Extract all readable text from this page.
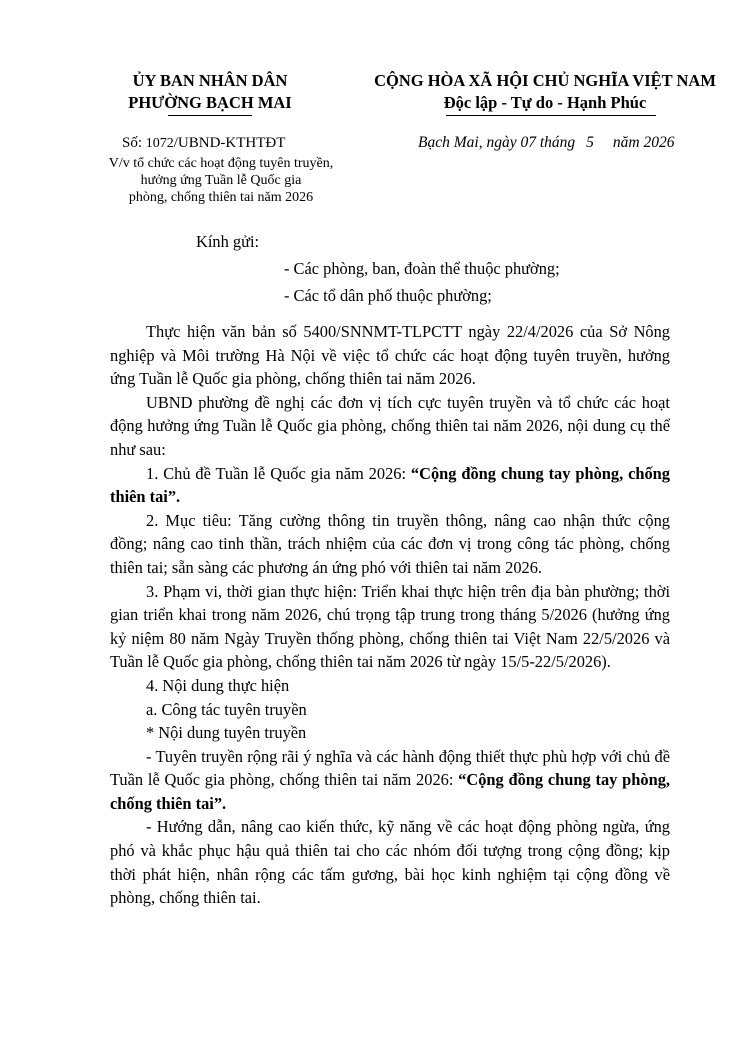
ỦY BAN NHÂN DÂN
PHƯỜNG BẠCH MAI
CỘNG HÒA XÃ HỘI CHỦ NGHĨA VIỆT NAM
Độc lập - Tự do - Hạnh Phúc
Số: 1072/UBND-KTHTĐT	Bạch Mai, ngày 07 tháng 5 năm 2026
V/v tổ chức các hoạt động tuyên truyền,
hưởng ứng Tuần lễ Quốc gia
phòng, chống thiên tai năm 2026
Kính gửi:
- Các phòng, ban, đoàn thể thuộc phường;
- Các tổ dân phố thuộc phường;

Thực hiện văn bản số 5400/SNNMT-TLPCTT ngày 22/4/2026 của Sở Nông nghiệp và Môi trường Hà Nội về việc tổ chức các hoạt động tuyên truyền, hưởng ứng Tuần lễ Quốc gia phòng, chống thiên tai năm 2026.

UBND phường đề nghị các đơn vị tích cực tuyên truyền và tổ chức các hoạt động hưởng ứng Tuần lễ Quốc gia phòng, chống thiên tai năm 2026, nội dung cụ thể như sau:

1. Chủ đề Tuần lễ Quốc gia năm 2026: “Cộng đồng chung tay phòng, chống thiên tai”.

2. Mục tiêu: Tăng cường thông tin truyền thông, nâng cao nhận thức cộng đồng; nâng cao tinh thần, trách nhiệm của các đơn vị trong công tác phòng, chống thiên tai; sẵn sàng các phương án ứng phó với thiên tai năm 2026.

3. Phạm vi, thời gian thực hiện: Triển khai thực hiện trên địa bàn phường; thời gian triển khai trong năm 2026, chú trọng tập trung trong tháng 5/2026 (hưởng ứng kỷ niệm 80 năm Ngày Truyền thống phòng, chống thiên tai Việt Nam 22/5/2026 và Tuần lễ Quốc gia phòng, chống thiên tai năm 2026 từ ngày 15/5-22/5/2026).

4. Nội dung thực hiện

a. Công tác tuyên truyền

* Nội dung tuyên truyền

- Tuyên truyền rộng rãi ý nghĩa và các hành động thiết thực phù hợp với chủ đề Tuần lễ Quốc gia phòng, chống thiên tai năm 2026: “Cộng đồng chung tay phòng, chống thiên tai”.

- Hướng dẫn, nâng cao kiến thức, kỹ năng về các hoạt động phòng ngừa, ứng phó và khắc phục hậu quả thiên tai cho các nhóm đối tượng trong cộng đồng; kịp thời phát hiện, nhân rộng các tấm gương, bài học kinh nghiệm tại cộng đồng về phòng, chống thiên tai.
